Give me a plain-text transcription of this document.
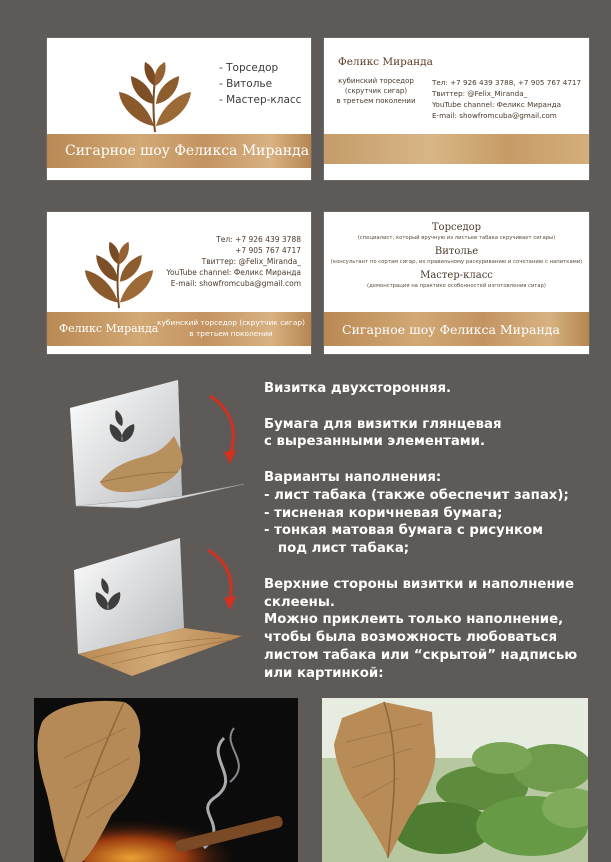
- Торседор
- Витолье
- Мастер-класс
Сигарное шоу Феликса Миранда
Феликс Миранда
кубинский торседор
(скрутчик сигар)
в третьем поколении
Тел: +7 926 439 3788, +7 905 767 4717
Твиттер: @Felix_Miranda_
YouTube channel: Феликс Миранда
E-mail: showfromcuba@gmail.com
Тел: +7 926 439 3788
+7 905 767 4717
Твиттер: @Felix_Miranda_
YouTube channel: Феликс Миранда
E-mail: showfromcuba@gmail.com
Феликс Миранда
кубинский торседор (скрутчик сигар)
в третьем поколении
Торседор
(специалист, который вручную из листьев табака скручивает сигары)
Витолье
(консультант по сортам сигар, их правильному раскуриванию и сочетанию с напитками)
Мастер-класс
(демонстрация на практике особенностей изготовления сигар)
Сигарное шоу Феликса Миранда

Визитка двухсторонняя.

Бумага для визитки глянцевая
с вырезанными элементами.

Варианты наполнения:
- лист табака (также обеспечит запах);
- тисненая коричневая бумага;
- тонкая матовая бумага с рисунком
под лист табака;

Верхние стороны визитки и наполнение
склеены.
Можно приклеить только наполнение,
чтобы была возможность любоваться
листом табака или “скрытой” надписью
или картинкой:
